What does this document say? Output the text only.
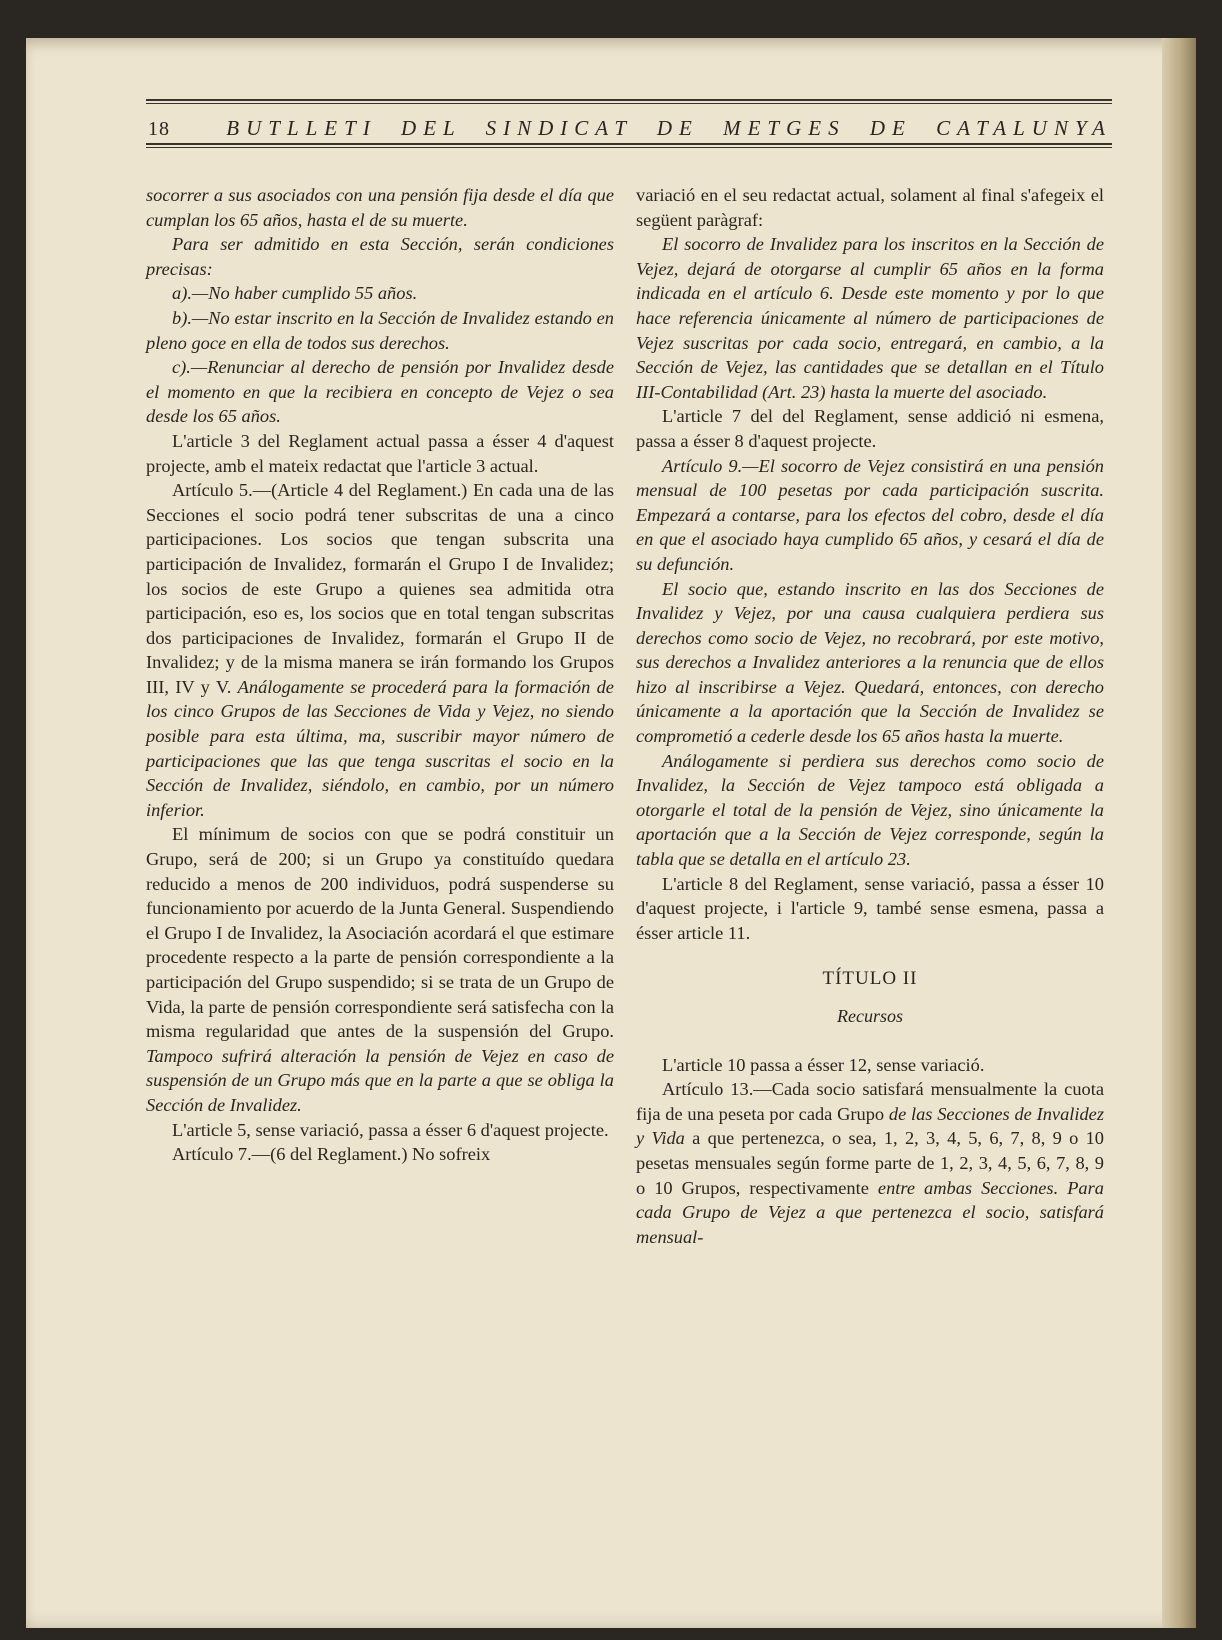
18	BUTLLETI DEL SINDICAT DE METGES DE CATALUNYA

socorrer a sus asociados con una pensión fija desde el día que cumplan los 65 años, hasta el de su muerte.

Para ser admitido en esta Sección, serán condiciones precisas:

a).—No haber cumplido 55 años.

b).—No estar inscrito en la Sección de Invalidez estando en pleno goce en ella de todos sus derechos.

c).—Renunciar al derecho de pensión por Invalidez desde el momento en que la recibiera en concepto de Vejez o sea desde los 65 años.

L'article 3 del Reglament actual passa a ésser 4 d'aquest projecte, amb el mateix redactat que l'article 3 actual.

Artículo 5.—(Article 4 del Reglament.) En cada una de las Secciones el socio podrá tener subscritas de una a cinco participaciones. Los socios que tengan subscrita una participación de Invalidez, formarán el Grupo I de Invalidez; los socios de este Grupo a quienes sea admitida otra participación, eso es, los socios que en total tengan subscritas dos participaciones de Invalidez, formarán el Grupo II de Invalidez; y de la misma manera se irán formando los Grupos III, IV y V. Análogamente se procederá para la formación de los cinco Grupos de las Secciones de Vida y Vejez, no siendo posible para esta última, ma, suscribir mayor número de participaciones que las que tenga suscritas el socio en la Sección de Invalidez, siéndolo, en cambio, por un número inferior.

El mínimum de socios con que se podrá constituir un Grupo, será de 200; si un Grupo ya constituído quedara reducido a menos de 200 individuos, podrá suspenderse su funcionamiento por acuerdo de la Junta General. Suspendiendo el Grupo I de Invalidez, la Asociación acordará el que estimare procedente respecto a la parte de pensión correspondiente a la participación del Grupo suspendido; si se trata de un Grupo de Vida, la parte de pensión correspondiente será satisfecha con la misma regularidad que antes de la suspensión del Grupo. Tampoco sufrirá alteración la pensión de Vejez en caso de suspensión de un Grupo más que en la parte a que se obliga la Sección de Invalidez.

L'article 5, sense variació, passa a ésser 6 d'aquest projecte.

Artículo 7.—(6 del Reglament.) No sofreix

variació en el seu redactat actual, solament al final s'afegeix el següent paràgraf:

El socorro de Invalidez para los inscritos en la Sección de Vejez, dejará de otorgarse al cumplir 65 años en la forma indicada en el artículo 6. Desde este momento y por lo que hace referencia únicamente al número de participaciones de Vejez suscritas por cada socio, entregará, en cambio, a la Sección de Vejez, las cantidades que se detallan en el Título III-Contabilidad (Art. 23) hasta la muerte del asociado.

L'article 7 del del Reglament, sense addició ni esmena, passa a ésser 8 d'aquest projecte.

Artículo 9.—El socorro de Vejez consistirá en una pensión mensual de 100 pesetas por cada participación suscrita. Empezará a contarse, para los efectos del cobro, desde el día en que el asociado haya cumplido 65 años, y cesará el día de su defunción.

El socio que, estando inscrito en las dos Secciones de Invalidez y Vejez, por una causa cualquiera perdiera sus derechos como socio de Vejez, no recobrará, por este motivo, sus derechos a Invalidez anteriores a la renuncia que de ellos hizo al inscribirse a Vejez. Quedará, entonces, con derecho únicamente a la aportación que la Sección de Invalidez se comprometió a cederle desde los 65 años hasta la muerte.

Análogamente si perdiera sus derechos como socio de Invalidez, la Sección de Vejez tampoco está obligada a otorgarle el total de la pensión de Vejez, sino únicamente la aportación que a la Sección de Vejez corresponde, según la tabla que se detalla en el artículo 23.

L'article 8 del Reglament, sense variació, passa a ésser 10 d'aquest projecte, i l'article 9, també sense esmena, passa a ésser article 11.

TÍTULO II

Recursos

L'article 10 passa a ésser 12, sense variació.

Artículo 13.—Cada socio satisfará mensualmente la cuota fija de una peseta por cada Grupo de las Secciones de Invalidez y Vida a que pertenezca, o sea, 1, 2, 3, 4, 5, 6, 7, 8, 9 o 10 pesetas mensuales según forme parte de 1, 2, 3, 4, 5, 6, 7, 8, 9 o 10 Grupos, respectivamente entre ambas Secciones. Para cada Grupo de Vejez a que pertenezca el socio, satisfará mensual-
